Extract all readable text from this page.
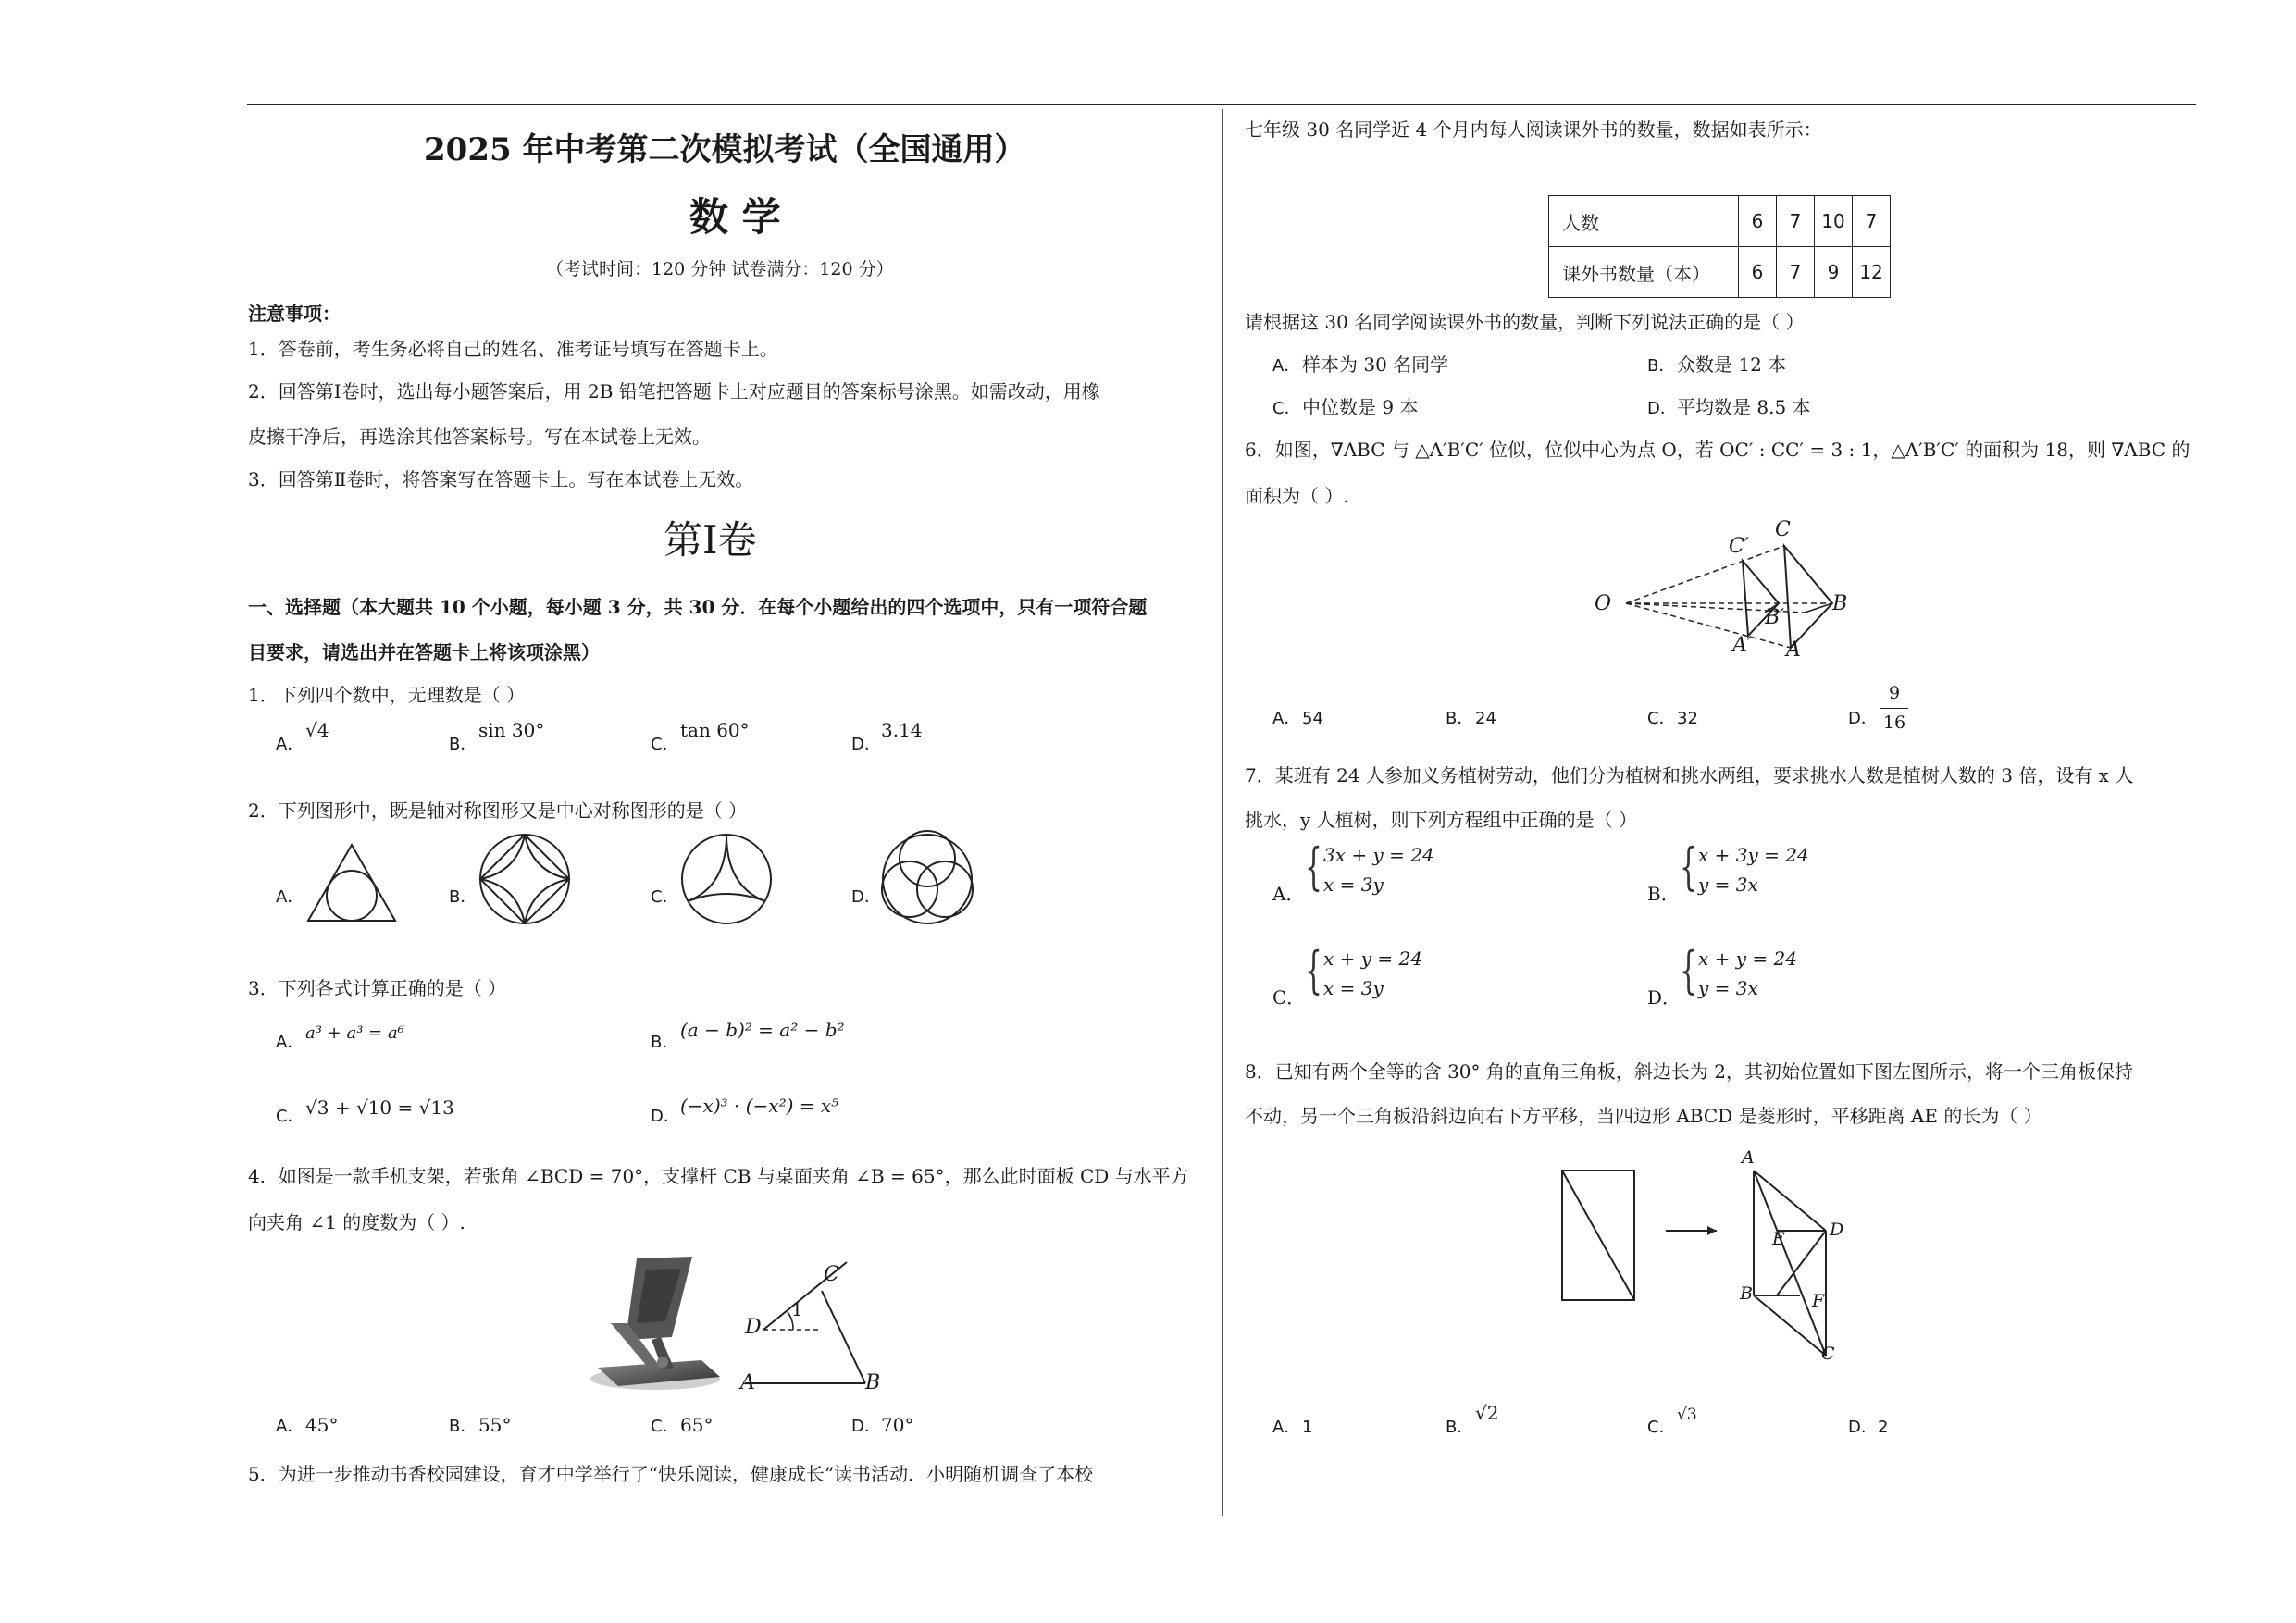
2025 年中考第二次模拟考试（全国通用）
数 学
（考试时间：120 分钟 试卷满分：120 分）
注意事项：
1．答卷前，考生务必将自己的姓名、准考证号填写在答题卡上。
2．回答第Ⅰ卷时，选出每小题答案后，用 2B 铅笔把答题卡上对应题目的答案标号涂黑。如需改动，用橡
皮擦干净后，再选涂其他答案标号。写在本试卷上无效。
3．回答第Ⅱ卷时，将答案写在答题卡上。写在本试卷上无效。
第Ⅰ卷
一、选择题（本大题共 10 个小题，每小题 3 分，共 30 分．在每个小题给出的四个选项中，只有一项符合题
目要求，请选出并在答题卡上将该项涂黑）
1．下列四个数中，无理数是（ ）
A．√4
B．sin 30°
C．tan 60°
D．3.14
2．下列图形中，既是轴对称图形又是中心对称图形的是（ ）
A．	B．	C．	D．
3．下列各式计算正确的是（ ）
A．a³ + a³ = a⁶	B．(a − b)² = a² − b²
C．√3 + √10 = √13	D．(−x)³ · (−x²) = x⁵
4．如图是一款手机支架，若张角 ∠BCD = 70°，支撑杆 CB 与桌面夹角 ∠B = 65°，那么此时面板 CD 与水平方
向夹角 ∠1 的度数为（ ）.
C
D
1
A	B
A．45°	B．55°	C．65°	D．70°
5．为进一步推动书香校园建设，育才中学举行了“快乐阅读，健康成长”读书活动．小明随机调查了本校
七年级 30 名同学近 4 个月内每人阅读课外书的数量，数据如表所示：
人数	6	7	10	7
课外书数量（本）	6	7	9	12
请根据这 30 名同学阅读课外书的数量，判断下列说法正确的是（ ）
A．样本为 30 名同学	B．众数是 12 本
C．中位数是 9 本	D．平均数是 8.5 本
6．如图，∇ABC 与 △A′B′C′ 位似，位似中心为点 O，若 OC′ : CC′ = 3 : 1，△A′B′C′ 的面积为 18，则 ∇ABC 的
面积为（ ）.
O
C
C′
B
B′
A
A′
A．54	B．24	C．32	D．
9
16
7．某班有 24 人参加义务植树劳动，他们分为植树和挑水两组，要求挑水人数是植树人数的 3 倍，设有 x 人
挑水，y 人植树，则下列方程组中正确的是（ ）
A． { 3x + y = 24
x = 3y	B． { x + 3y = 24
y = 3x
C． { x + y = 24
x = 3y	D．
{ x + y = 24
y = 3x
8．已知有两个全等的含 30° 角的直角三角板，斜边长为 2，其初始位置如下图左图所示，将一个三角板保持
不动，另一个三角板沿斜边向右下方平移，当四边形 ABCD 是菱形时，平移距离 AE 的长为（ ）
A
B
C
D
E
F
A．1	B．√2
C．$^{√3}$
D．2
